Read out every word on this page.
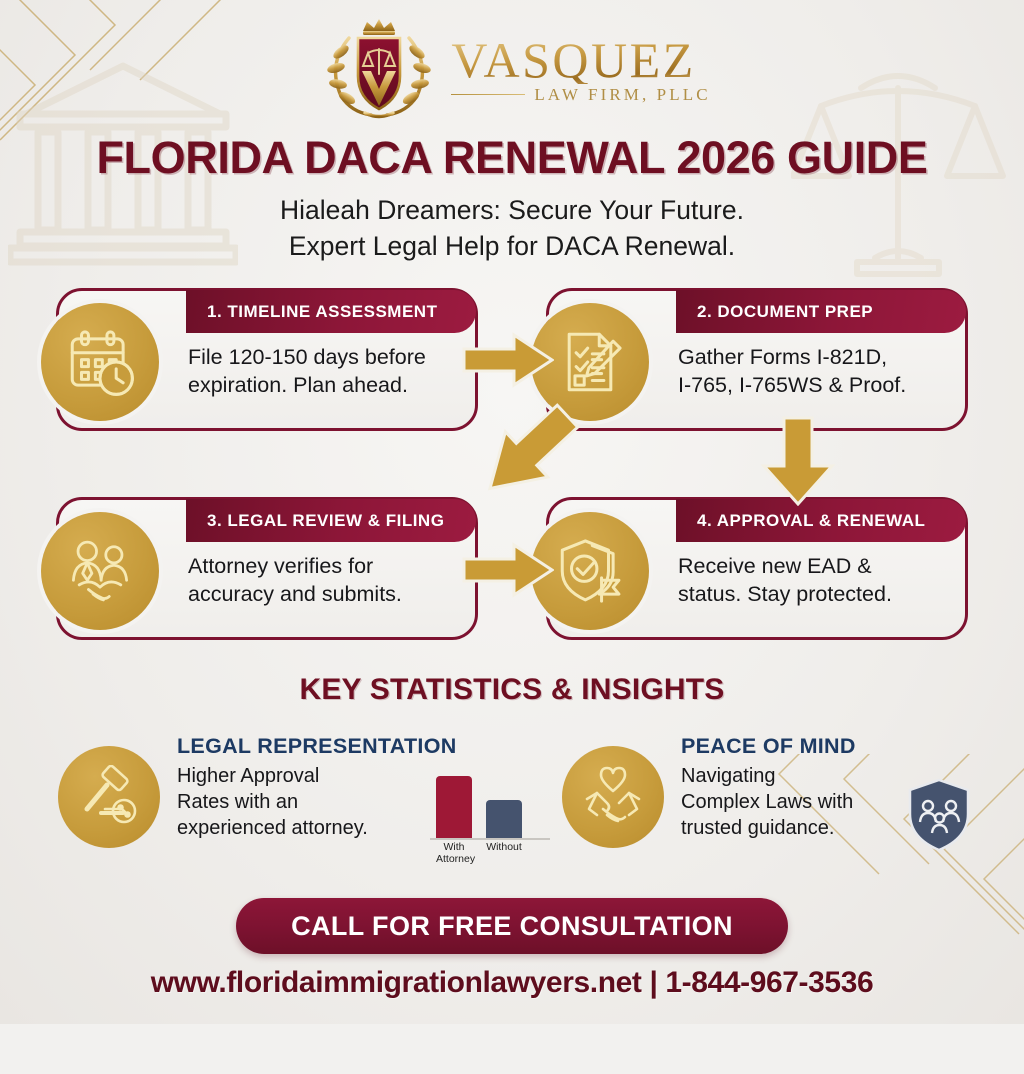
VASQUEZ
LAW FIRM, PLLC
FLORIDA DACA RENEWAL 2026 GUIDE
Hialeah Dreamers: Secure Your Future.
Expert Legal Help for DACA Renewal.
1. TIMELINE ASSESSMENT
File 120-150 days before
expiration. Plan ahead.
2. DOCUMENT PREP
Gather Forms I-821D,
I-765, I-765WS & Proof.
3. LEGAL REVIEW & FILING
Attorney verifies for
accuracy and submits.
4. APPROVAL & RENEWAL
Receive new EAD &
status. Stay protected.
KEY STATISTICS & INSIGHTS
LEGAL REPRESENTATION
Higher Approval
Rates with an
experienced attorney.
With
Attorney
Without
PEACE OF MIND
Navigating
Complex Laws with
trusted guidance.
CALL FOR FREE CONSULTATION
www.floridaimmigrationlawyers.net | 1-844-967-3536
